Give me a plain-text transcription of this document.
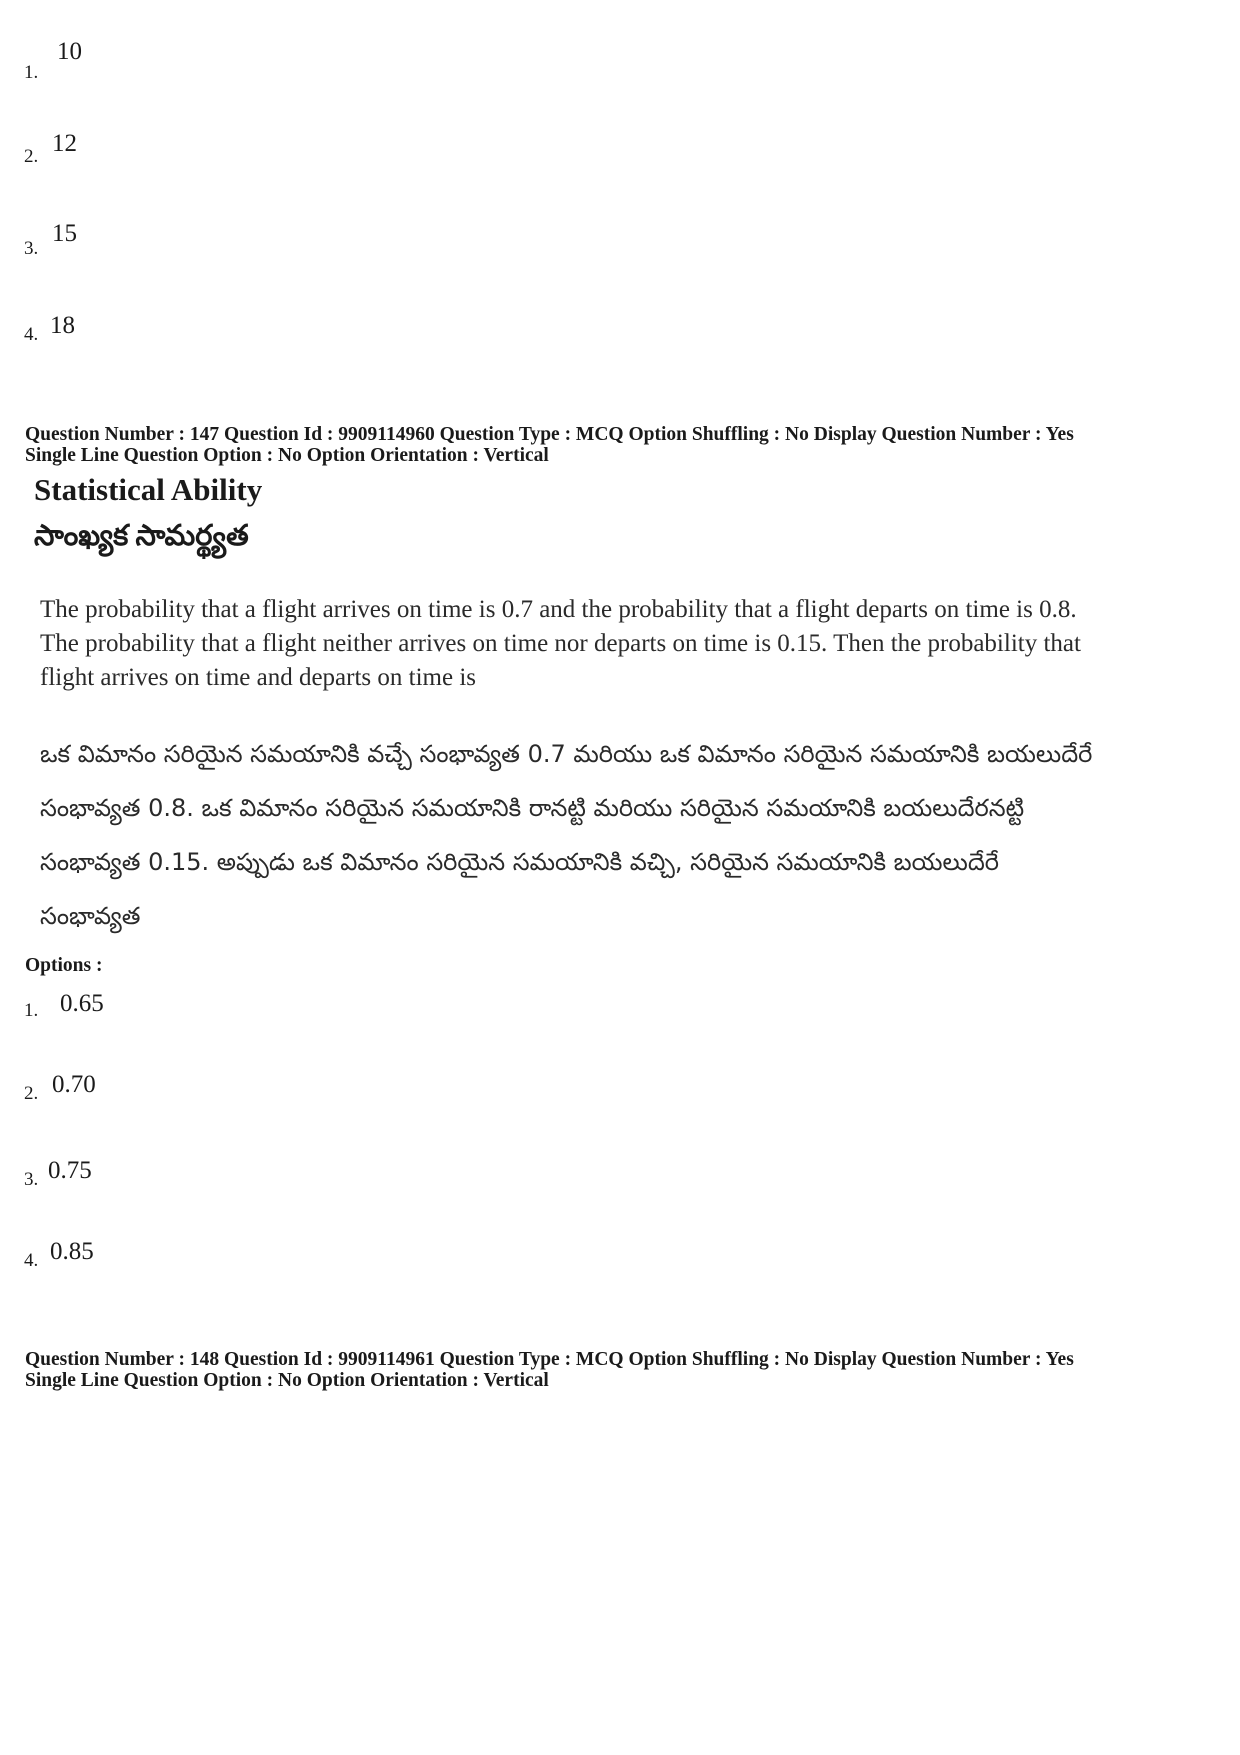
1.
10
2. 12
3.
15
4. 18
Question Number : 147 Question Id : 9909114960 Question Type : MCQ Option Shuffling : No Display Question Number : Yes
Single Line Question Option : No Option Orientation : Vertical
Statistical Ability
సాంఖ్యక సామర్థ్యత
The probability that a flight arrives on time is 0.7 and the probability that a flight departs on time is 0.8. The probability that a flight neither arrives on time nor departs on time is 0.15. Then the probability that flight arrives on time and departs on time is
ఒక విమానం సరియైన సమయానికి వచ్చే సంభావ్యత 0.7 మరియు ఒక విమానం సరియైన సమయానికి బయలుదేరే సంభావ్యత 0.8. ఒక విమానం సరియైన సమయానికి రానట్టి మరియు సరియైన సమయానికి బయలుదేరనట్టి సంభావ్యత 0.15. అప్పుడు ఒక విమానం సరియైన సమయానికి వచ్చి, సరియైన సమయానికి బయలుదేరే సంభావ్యత
Options :
1. 0.65
2. 0.70
3. 0.75
4. 0.85
Question Number : 148 Question Id : 9909114961 Question Type : MCQ Option Shuffling : No Display Question Number : Yes
Single Line Question Option : No Option Orientation : Vertical
